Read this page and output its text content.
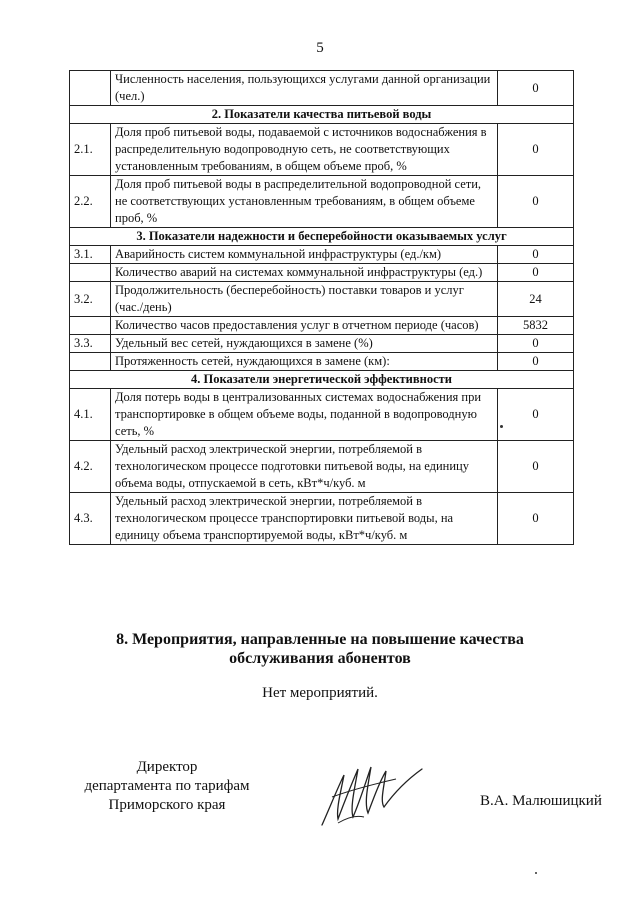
5
	Численность населения, пользующихся услугами данной организации (чел.)	0
2. Показатели качества питьевой воды		
2.1.	Доля проб питьевой воды, подаваемой с источников водоснабжения в распределительную водопроводную сеть, не соответствующих установленным требованиям, в общем объеме проб, %	0
2.2.	Доля проб питьевой воды в распределительной водопроводной сети, не соответствующих установленным требованиям, в общем объеме проб, %	0
3. Показатели надежности и бесперебойности оказываемых услуг		
3.1.	Аварийность систем коммунальной инфраструктуры (ед./км)	0
	Количество аварий на системах коммунальной инфраструктуры (ед.)	0
3.2.	Продолжительность (бесперебойность) поставки товаров и услуг (час./день)	24
	Количество часов предоставления услуг в отчетном периоде (часов)	5832
3.3.	Удельный вес сетей, нуждающихся в замене (%)	0
	Протяженность сетей, нуждающихся в замене (км):	0
4. Показатели энергетической эффективности		
4.1.	Доля потерь воды в централизованных системах водоснабжения при транспортировке в общем объеме воды, поданной в водопроводную сеть, %	0
4.2.	Удельный расход электрической энергии, потребляемой в технологическом процессе подготовки питьевой воды, на единицу объема воды, отпускаемой в сеть, кВт*ч/куб. м	0
4.3.	Удельный расход электрической энергии, потребляемой в технологическом процессе транспортировки питьевой воды, на единицу объема транспортируемой воды, кВт*ч/куб. м	0
8. Мероприятия, направленные на повышение качества
обслуживания абонентов
Нет мероприятий.
Директор
департамента по тарифам
Приморского края	В.А. Малюшицкий
